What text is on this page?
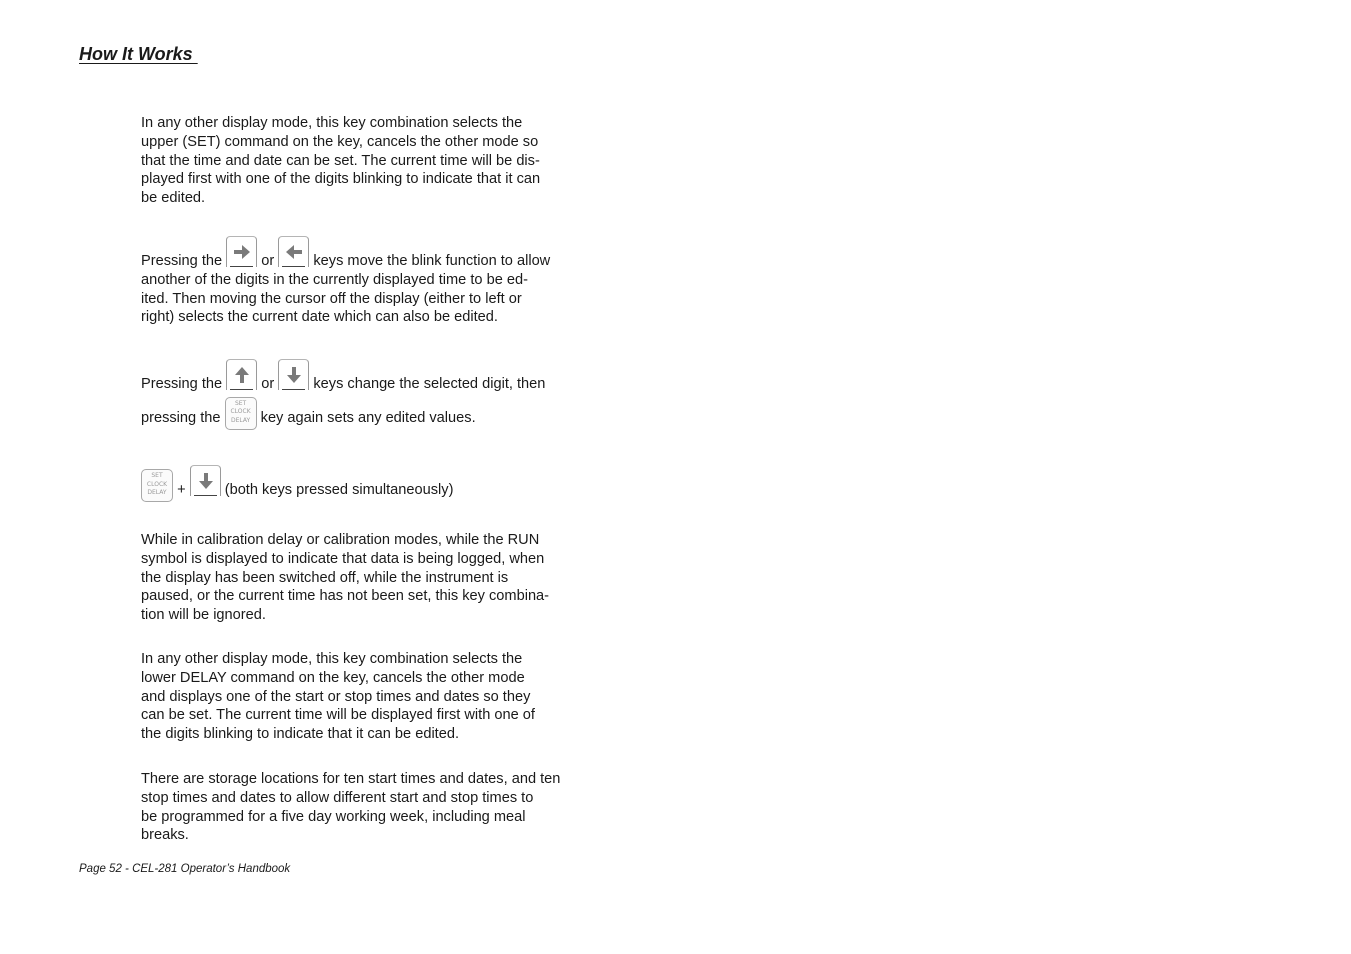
How It Works
In any other display mode, this key combination selects the
upper (SET) command on the key, cancels the other mode so
that the time and date can be set. The current time will be dis-
played first with one of the digits blinking to indicate that it can
be edited.
Pressing the	or	keys move the blink function to allow
another of the digits in the currently displayed time to be ed-
ited. Then moving the cursor off the display (either to left or
right) selects the current date which can also be edited.
Pressing the	or	keys change the selected digit, then
pressing the
SET
CLOCK
DELAY key again sets any edited values.
SET
CLOCK
DELAY +	(both keys pressed simultaneously)
While in calibration delay or calibration modes, while the RUN
symbol is displayed to indicate that data is being logged, when
the display has been switched off, while the instrument is
paused, or the current time has not been set, this key combina-
tion will be ignored.
In any other display mode, this key combination selects the
lower DELAY command on the key, cancels the other mode
and displays one of the start or stop times and dates so they
can be set. The current time will be displayed first with one of
the digits blinking to indicate that it can be edited.
There are storage locations for ten start times and dates, and ten
stop times and dates to allow different start and stop times to
be programmed for a five day working week, including meal
breaks.

Page 52 - CEL-281 Operator’s Handbook
